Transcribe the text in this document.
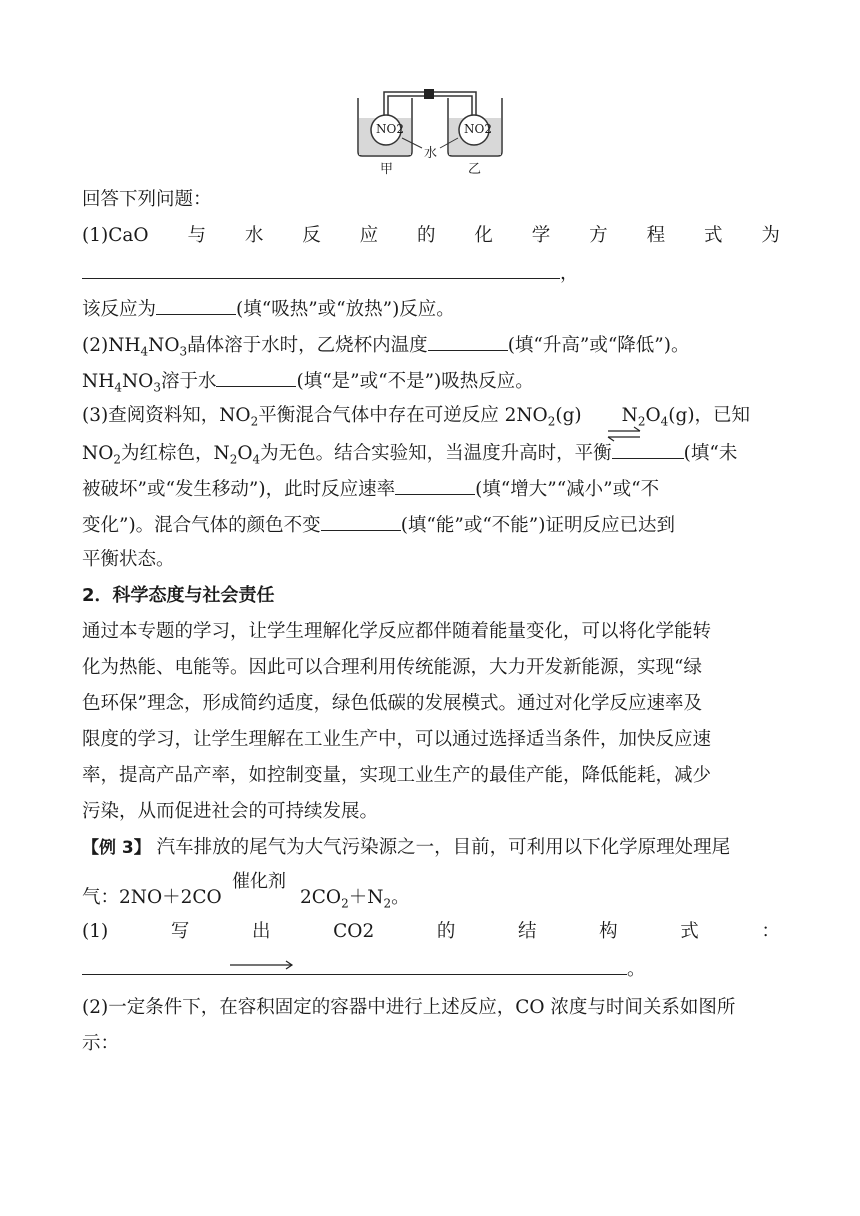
NO2	NO2
水
甲	乙
回答下列问题：
(1)CaO 与 水 反 应 的 化 学 方 程 式 为
，
该反应为	(填“吸热”或“放热”)反应。
$(2)NH_4NO_3$晶体溶于水时，乙烧杯内温度	(填“升高”或“降低”)。
$NH_4NO_3$溶于水	(填“是”或“不是”)吸热反应。
(3)查阅资料知，$NO_2$平衡混合气体中存在可逆反应 $2NO_2(g)$ $N_2O_4(g)$，已知
$NO_2$为红棕色，$N_2O_4$为无色。结合实验知，当温度升高时，平衡	(填“未
被破坏”或“发生移动”)，此时反应速率	(填“增大”“减小”或“不
变化”)。混合气体的颜色不变	(填“能”或“不能”)证明反应已达到
平衡状态。
2．科学态度与社会责任
通过本专题的学习，让学生理解化学反应都伴随着能量变化，可以将化学能转
化为热能、电能等。因此可以合理利用传统能源，大力开发新能源，实现“绿
色环保”理念，形成简约适度，绿色低碳的发展模式。通过对化学反应速率及
限度的学习，让学生理解在工业生产中，可以通过选择适当条件，加快反应速
率，提高产品产率，如控制变量，实现工业生产的最佳产能，降低能耗，减少
污染，从而促进社会的可持续发展。
【例 3】 汽车排放的尾气为大气污染源之一，目前，可利用以下化学原理处理尾
气：2NO＋2CO
催化剂
$2CO_2+N_2$。
(1)	写	出	CO2	的	结	构	式	：
。
(2)一定条件下，在容积固定的容器中进行上述反应，CO 浓度与时间关系如图所
示：
